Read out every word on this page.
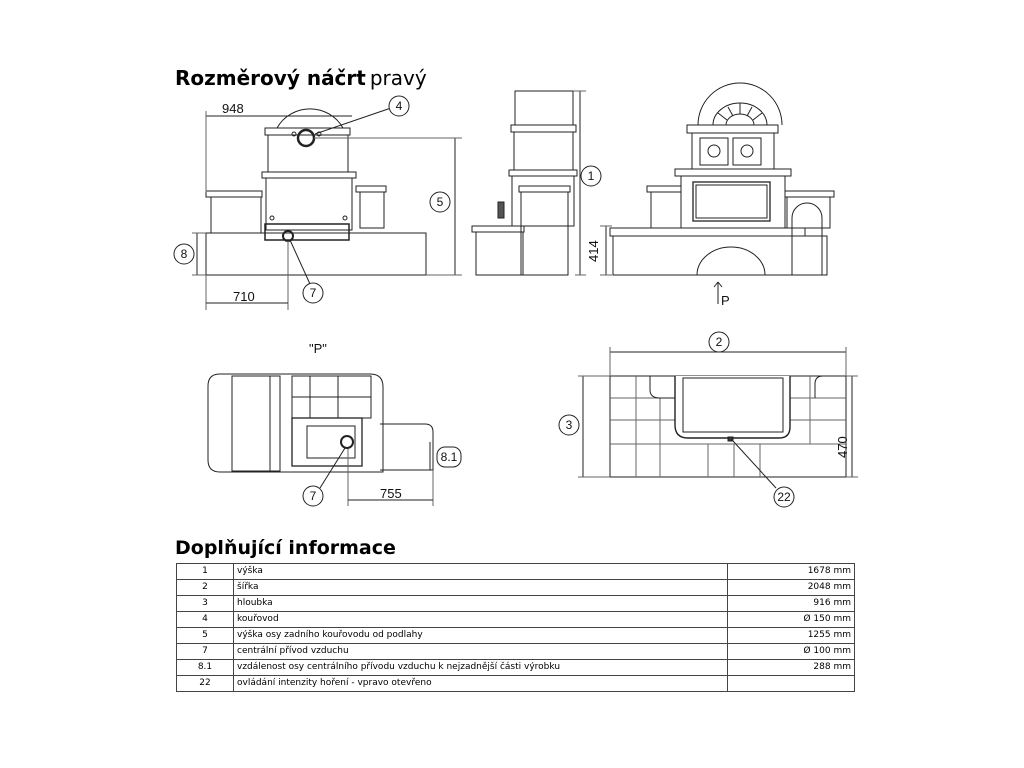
Rozměrový náčrt pravý
948
710
414
755
470
P
"P"
4
5
8
7
1
2
3
7	22
8.1
Doplňující informace
1	výška	1678 mm
2	šířka	2048 mm
3	hloubka	916 mm
4	kouřovod	Ø 150 mm
5	výška osy zadního kouřovodu od podlahy	1255 mm
7	centrální přívod vzduchu	Ø 100 mm
8.1	vzdálenost osy centrálního přívodu vzduchu k nejzadnější části výrobku	288 mm
22	ovládání intenzity hoření - vpravo otevřeno	
